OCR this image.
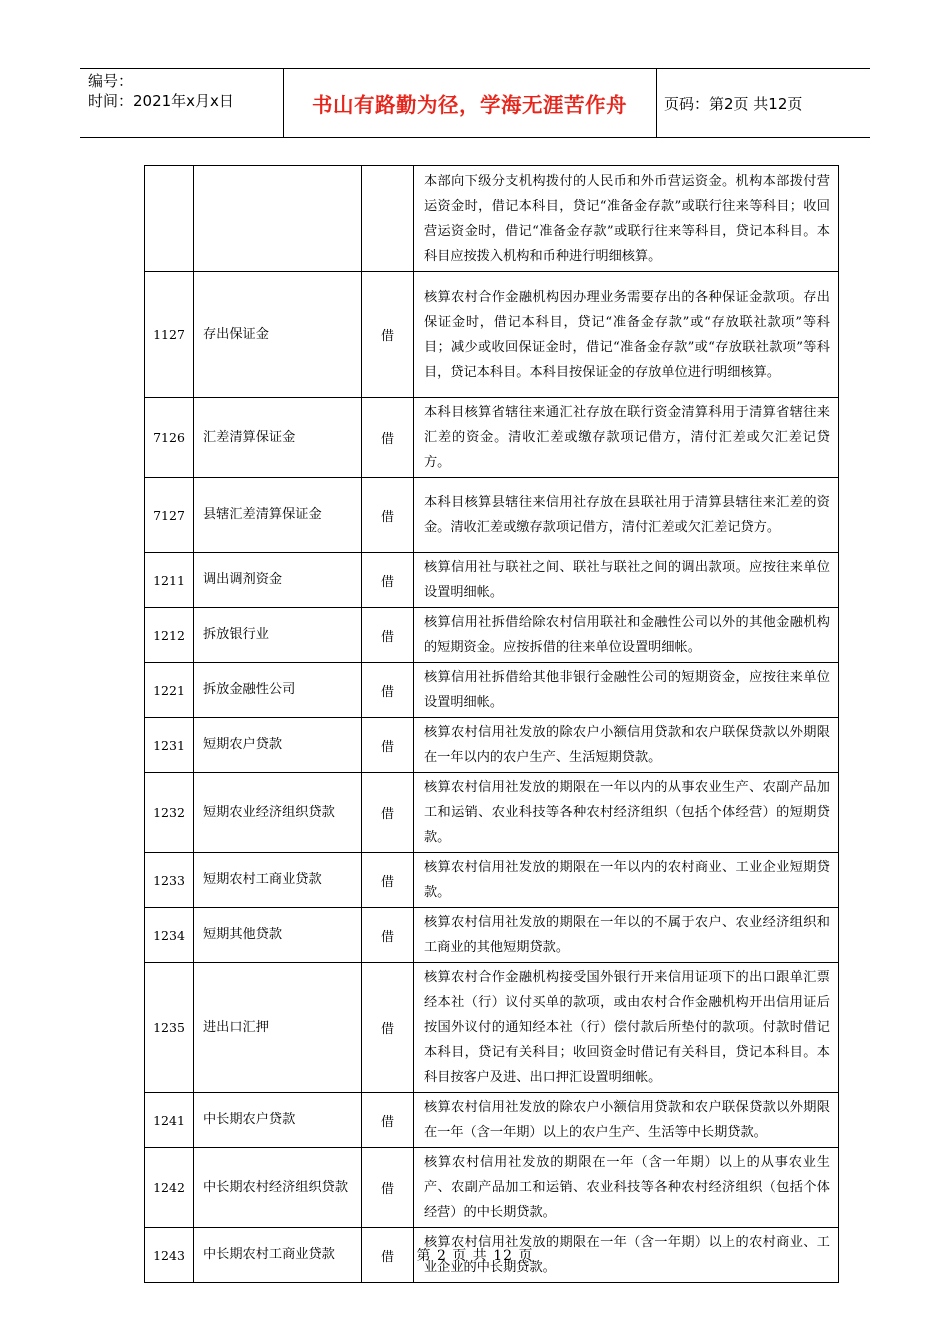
编号：
时间：2021年x月x日	书山有路勤为径，学海无涯苦作舟	页码：第2页 共12页
			本部向下级分支机构拨付的人民币和外币营运资金。机构本部拨付营运资金时，借记本科目，贷记“准备金存款”或联行往来等科目；收回营运资金时，借记“准备金存款”或联行往来等科目，贷记本科目。本科目应按拨入机构和币种进行明细核算。
1127	存出保证金	借	核算农村合作金融机构因办理业务需要存出的各种保证金款项。存出保证金时，借记本科目，贷记“准备金存款”或“存放联社款项”等科目；减少或收回保证金时，借记“准备金存款”或“存放联社款项”等科目，贷记本科目。本科目按保证金的存放单位进行明细核算。
7126	汇差清算保证金	借	本科目核算省辖往来通汇社存放在联行资金清算科用于清算省辖往来汇差的资金。清收汇差或缴存款项记借方，清付汇差或欠汇差记贷方。
7127	县辖汇差清算保证金	借	本科目核算县辖往来信用社存放在县联社用于清算县辖往来汇差的资金。清收汇差或缴存款项记借方，清付汇差或欠汇差记贷方。
1211	调出调剂资金	借	核算信用社与联社之间、联社与联社之间的调出款项。应按往来单位设置明细帐。
1212	拆放银行业	借	核算信用社拆借给除农村信用联社和金融性公司以外的其他金融机构的短期资金。应按拆借的往来单位设置明细帐。
1221	拆放金融性公司	借	核算信用社拆借给其他非银行金融性公司的短期资金，应按往来单位设置明细帐。
1231	短期农户贷款	借	核算农村信用社发放的除农户小额信用贷款和农户联保贷款以外期限在一年以内的农户生产、生活短期贷款。
1232	短期农业经济组织贷款	借	核算农村信用社发放的期限在一年以内的从事农业生产、农副产品加工和运销、农业科技等各种农村经济组织（包括个体经营）的短期贷款。
1233	短期农村工商业贷款	借	核算农村信用社发放的期限在一年以内的农村商业、工业企业短期贷款。
1234	短期其他贷款	借	核算农村信用社发放的期限在一年以的不属于农户、农业经济组织和工商业的其他短期贷款。
1235	进出口汇押	借	核算农村合作金融机构接受国外银行开来信用证项下的出口跟单汇票经本社（行）议付买单的款项，或由农村合作金融机构开出信用证后按国外议付的通知经本社（行）偿付款后所垫付的款项。付款时借记本科目，贷记有关科目；收回资金时借记有关科目，贷记本科目。本科目按客户及进、出口押汇设置明细帐。
1241	中长期农户贷款	借	核算农村信用社发放的除农户小额信用贷款和农户联保贷款以外期限在一年（含一年期）以上的农户生产、生活等中长期贷款。
1242	中长期农村经济组织贷款	借	核算农村信用社发放的期限在一年（含一年期）以上的从事农业生产、农副产品加工和运销、农业科技等各种农村经济组织（包括个体经营）的中长期贷款。
1243	中长期农村工商业贷款	借	核算农村信用社发放的期限在一年（含一年期）以上的农村商业、工业企业的中长期贷款。
第 2 页 共 12 页
